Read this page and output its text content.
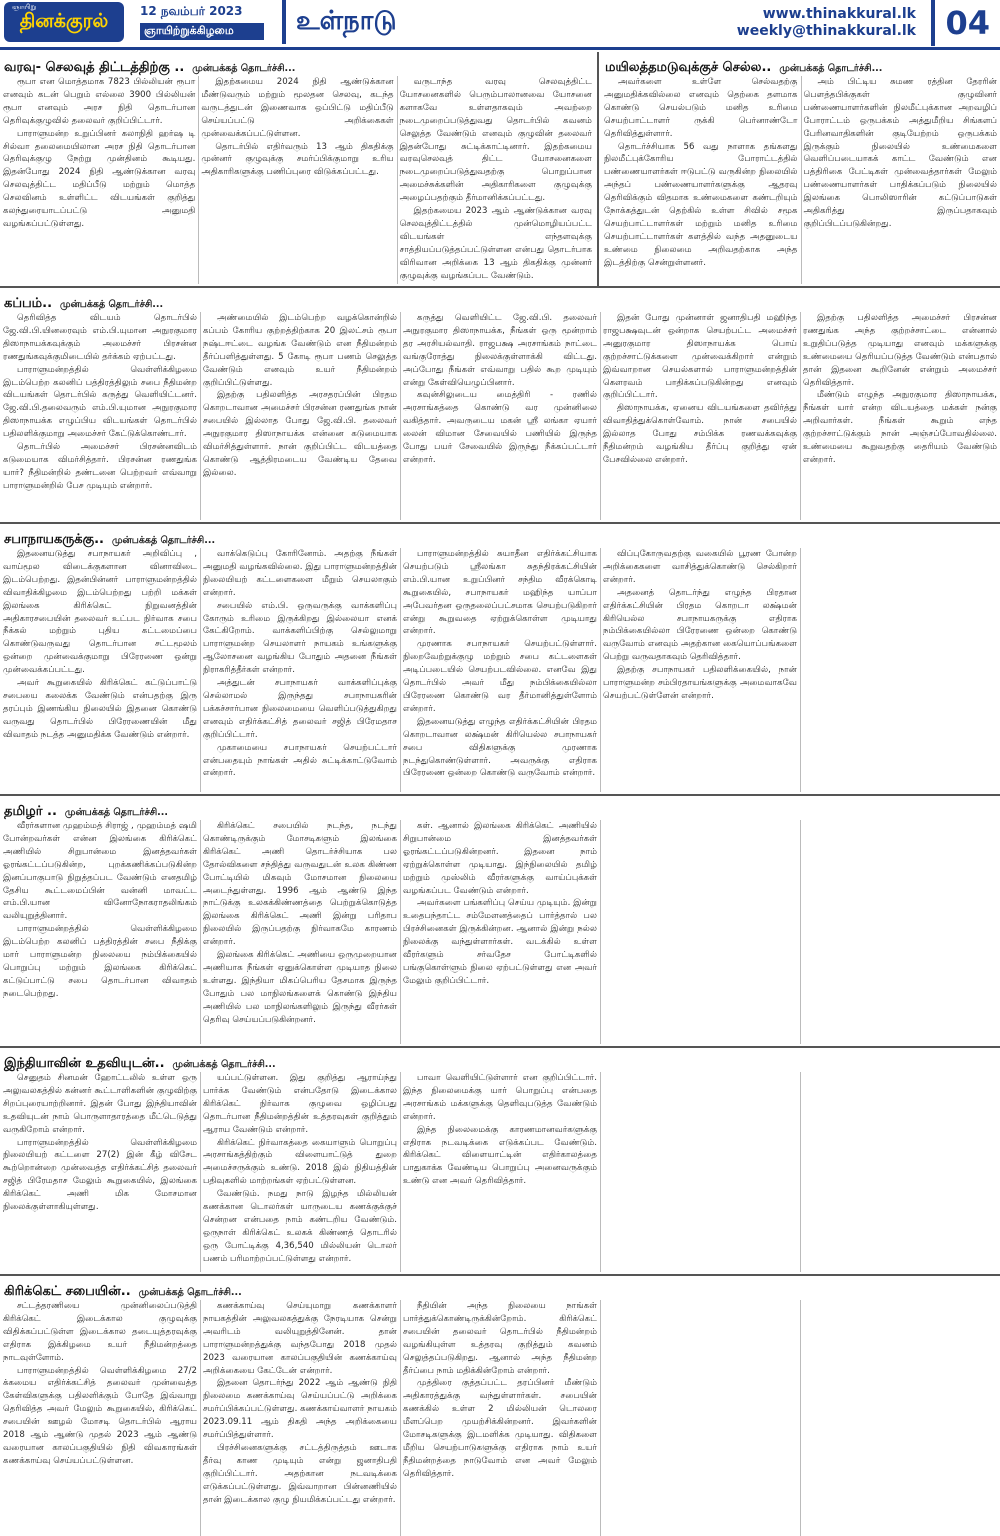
ஞாயிறு
தினக்குரல்	12 நவம்பர் 2023
ஞாயிற்றுக்கிழமை	உள்நாடு	www.thinakkural.lk
weekly@thinakkural.lk 04
வரவு- செலவுத் திட்டத்திற்கு .. முன்பக்கத் தொடர்ச்சி...

ரூபா என மொத்தமாக 7823 பில்லியன் ரூபா எனவும் கடன் பெறும் எல்லை 3900 பில்லியன் ரூபா எனவும் அரச நிதி தொடர்பான தெரிவுக்குழுவில் தலைவர் குறிப்பிட்டார்.

பாராளுமன்ற உறுப்பினர் கலாநிதி ஹர்ஷ டி சில்வா தலைமையிலான அரச நிதி தொடர்பான தெரிவுக்குழு நேற்று முன்தினம் கூடியது. இதன்போது 2024 நிதி ஆண்டுக்கான வரவு செலவுத்திட்ட மதிப்பீடு மற்றும் மொத்த செலவினம் உள்ளிட்ட விடயங்கள் குறித்து கலந்துரையாடப்பட்டு அனுமதி வழங்கப்பட்டுள்ளது.

இதற்கமைய 2024 நிதி ஆண்டுக்கான மீண்டுவரும் மற்றும் மூலதன செலவு, கடந்த வருடத்துடன் இணைவாக ஒப்பிட்டு மதிப்பீடு செய்யப்பட்டு அறிக்கைகள் முன்வைக்கப்பட்டுள்ளன.

தொடர்பில் எதிர்வரும் 13 ஆம் திகதிக்கு முன்னர் குழுவுக்கு சமர்ப்பிக்குமாறு உரிய அதிகாரிகளுக்கு பணிப்புரை விடுக்கப்பட்டது.

வருடாந்த வரவு செலவுத்திட்ட யோசனைகளில் பெரும்பாலானவை யோசனை களாகவே உள்ளதாகவும் அவற்றை நடைமுறைப்படுத்துவது தொடர்பில் கவனம் செலுத்த வேண்டும் எனவும் குழுவின் தலைவர் இதன்போது சுட்டிக்காட்டினார். இதற்கமைய வரவுசெலவுத் திட்ட யோசனைகளை நடைமுறைப்படுத்துவதற்கு பொறுப்பான அமைச்சுக்களின் அதிகாரிகளை குழுவுக்கு அழைப்பதற்கும் தீர்மானிக்கப்பட்டது.

இதற்கமைய 2023 ஆம் ஆண்டுக்கான வரவு செலவுத்திட்டத்தில் முன்மொழியப்பட்ட விடயங்கள் எந்தளவுக்கு சாத்தியப்படுத்தப்பட்டுள்ளன என்பது தொடர்பாக விரிவான அறிக்கை 13 ஆம் திகதிக்கு முன்னர் குழுவுக்கு வழங்கப்பட வேண்டும்.

மயிலத்தமடுவுக்குச் செல்ல.. முன்பக்கத் தொடர்ச்சி...

அவர்களை உள்ளே செல்வதற்கு அனுமதிக்கவில்லை எனவும் தெற்கை தளமாக கொண்டு செயல்படும் மனித உரிமை செயற்பாட்டாளர் ருக்கி பெர்னாண்டோ தெரிவித்துள்ளார்.

தொடர்ச்சியாக 56 வது நாளாக தங்களது நிலமீட்புக்கோரிய போராட்டத்தில் பண்ணையாளர்கள் ஈடுபட்டு வருகின்ற நிலையில் அந்தப் பண்ணையாளர்களுக்கு ஆதரவு தெரிவிக்கும் விதமாக உண்மைகளை கண்டறியும் நோக்கத்துடன் தெற்கில் உள்ள சிவில் சமூக செயற்பாட்டாளர்கள் மற்றும் மனித உரிமை செயற்பாட்டாளர்கள் களத்தில் வந்த அதனுடைய உண்மை நிலைமை அறிவதற்காக அந்த இடத்திற்கு சென்றுள்ளனர்.

அம் பிட்டிய சுமண ரத்தின தேரரின் பௌத்தபிக்குகள் குழுவினர் பண்ணையாளர்களின் நிலமீட்புக்கான அறவழிப் போராட்டம் ஒருபக்கம் அத்துமீறிய சிங்களப் பேரினவாதிகளின் குடியேற்றம் ஒருபக்கம் இருக்கும் நிலையில் உண்மைகளை வெளிப்படையாகக் காட்ட வேண்டும் என பத்திரிகை பேட்டிகள் முன்வைத்தார்கள் மேலும் பண்ணையாளர்கள் பாதிக்கப்படும் நிலையில் இலங்கை பொலிஸாரின் கட்டுப்பாடுகள் அதிகரித்து இருப்பதாகவும் குறிப்பிடப்படுகின்றது.

கப்பம்.. முன்பக்கத் தொடர்ச்சி...

தெரிவித்த விடயம் தொடர்பில் ஜே.வி.பி.யினரைவும் எம்.பி.யுமான அநுரகுமார திஸாநாயக்கவுக்கும் அமைச்சர் பிரசன்ன ரணதுங்கவுக்குமிடையில் தர்க்கம் ஏற்பட்டது.

பாராளுமன்றத்தில் வெள்ளிக்கிழமை இடம்பெற்ற கலனிப் பத்திரத்திலும் சபை நீதிமன்ற விடயங்கள் தொடர்பில் கருத்து வெளியிட்டனர். ஜே.வி.பி.தலைவரும் எம்.பி.யுமான அநுரகுமார திஸாநாயக்க எழுப்பிய விடயங்கள் தொடர்பில் பதிலளிக்குமாறு அமைச்சர் கேட்டுக்கொண்டார்.

தொடர்பில் அமைச்சர் பிரசன்னவிடம் கடுமையாக விமர்சித்தார். பிரசன்ன ரணதுங்க யார்? நீதிமன்றில் தண்டனை பெற்றவர் எவ்வாறு பாராளுமன்றில் பேச முடியும் என்றார்.

அண்மையில் இடம்பெற்ற வழக்கொன்றில் கப்பம் கோரிய குற்றத்திற்காக 20 இலட்சம் ரூபா நஷ்டஈட்டை வழங்க வேண்டும் என நீதிமன்றம் தீர்ப்பளித்துள்ளது. 5 கோடி ரூபா பணம் செலுத்த வேண்டும் எனவும் உயர் நீதிமன்றம் குறிப்பிட்டுள்ளது.

இதற்கு பதிலளித்த அரசதரப்பின் பிரதம கொறடாவான அமைச்சர் பிரசன்ன ரணதுங்க நான் சபையில் இல்லாத போது ஜே.வி.பி. தலைவர் அநுரகுமார திஸாநாயக்க என்னை கடுமையாக விமர்சித்துள்ளார். நான் குறிப்பிட்ட விடயத்தை கொண்டு ஆத்திரமடைய வேண்டிய தேவை இல்லை.

கருத்து வெளியிட்ட ஜே.வி.பி. தலைவர் அநுரகுமார திஸாநாயக்க, நீங்கள் ஒரு மூன்றாம் தர அரசியல்வாதி. ராஜபக்ஷ அரசாங்கம் நாட்டை வங்குரோத்து நிலைக்குள்ளாக்கி விட்டது. அப்போது நீங்கள் எவ்வாறு பதில் கூற முடியும் என்று கேள்வியெழுப்பினார்.

கவுன்சிலுடைய மைத்திரி - ரணில் அரசாங்கத்தை கொண்டு வர முன்னிலை வகித்தார். அவருடைய மகன் ஸ்ரீ லங்கா ஏயார் லைன் விமான சேவையில் பணியில் இருந்த போது பயர் சேவையில் இருந்து நீக்கப்பட்டார் என்றார்.

இதன் போது முன்னாள் ஜனாதிபதி மஹிந்த ராஜபக்ஷவுடன் ஒன்றாக செயற்பட்ட அமைச்சர் அனுரகுமார திஸாநாயக்க பொய் குற்றச்சாட்டுக்களை முன்வைக்கிறார் என்றும் இவ்வாறான செயல்களால் பாராளுமன்றத்தின் கௌரவம் பாதிக்கப்படுகின்றது எனவும் குறிப்பிட்டார்.

திஸாநாயக்க, ஏனைய விடயங்களை தவிர்த்து விவாதித்துக்கொள்வோம். நான் சபையில் இல்லாத போது சம்பிக்க ரணவக்கவுக்கு நீதிமன்றம் வழங்கிய தீர்ப்பு குறித்து ஏன் பேசவில்லை என்றார்.

இதற்கு பதிலளித்த அமைச்சர் பிரசன்ன ரணதுங்க அந்த குற்றச்சாட்டை என்னால் உறுதிப்படுத்த முடியாது எனவும் மக்களுக்கு உண்மையை தெரியப்படுத்த வேண்டும் என்பதால் தான் இதனை கூறினேன் என்றும் அமைச்சர் தெரிவித்தார்.

மீண்டும் எழுந்த அநுரகுமார திஸாநாயக்க, நீங்கள் யார் என்ற விடயத்தை மக்கள் நன்கு அறிவார்கள். நீங்கள் கூறும் எந்த குற்றச்சாட்டுக்கும் நான் அஞ்சப்போவதில்லை. உண்மையை கூறுவதற்கு தைரியம் வேண்டும் என்றார்.

சபாநாயகருக்கு.. முன்பக்கத் தொடர்ச்சி...

இதனையடுத்து சபாநாயகர் அறிவிப்பு , வாய்மூல விடைக்குகளான வினாவிடை இடம்பெற்றது. இதன்பின்னர் பாராளுமன்றத்தில் விவாதிக்கிழமை இடம்பெற்றது பற்றி மக்கள் இலங்கை கிரிக்கெட் நிறுவனத்தின் அதிகாரசபையின் தலைவர் உட்பட நிர்வாக சபை நீக்கல் மற்றும் புதிய கட்டமைப்பை கொண்டுவருவது தொடர்பான சட்டமூலம் ஒன்றை முன்வைக்குமாறு பிரேரணை ஒன்று முன்வைக்கப்பட்டது.

அவர் கூறுகையில் கிரிக்கெட் கட்டுப்பாட்டு சபையை கலைக்க வேண்டும் என்பதற்கு இரு தரப்பும் இணங்கிய நிலையில் இதனை கொண்டு வருவது தொடர்பில் பிரேரணையின் மீது விவாதம் நடத்த அனுமதிக்க வேண்டும் என்றார்.

வாக்கெடுப்பு கோரினோம். அதற்கு நீங்கள் அனுமதி வழங்கவில்லை. இது பாராளுமன்றத்தின் நிலையியற் கட்டளைகளை மீறும் செயலாகும் என்றார்.

சபையில் எம்.பி. ஒருவருக்கு வாக்களிப்பு கோரும் உரிமை இருக்கிறது இல்லையா எனக் கேட்கிறோம். வாக்களிப்பிற்கு செல்லுமாறு பாராளுமன்ற செயலாளர் நாயகம் உங்களுக்கு ஆலோசனை வழங்கிய போதும் அதனை நீங்கள் நிராகரித்தீர்கள் என்றார்.

அத்துடன் சபாநாயகர் வாக்களிப்புக்கு செல்லாமல் இருந்தது சபாநாயகரின் பக்கச்சார்பான நிலைமையை வெளிப்படுத்துகிறது எனவும் எதிர்க்கட்சித் தலைவர் சஜித் பிரேமதாச குறிப்பிட்டார்.

முகாமையை சபாநாயகர் செயற்பட்டார் என்பதையும் நாங்கள் அதில் சுட்டிக்காட்டுவோம் என்றார்.

பாராளுமன்றத்தில் சுயாதீன எதிர்க்கட்சியாக செயற்படும் ஸ்ரீலங்கா சுதந்திரக்கட்சியின் எம்.பி.யான உறுப்பினர் சந்திம வீரக்கொடி கூறுகையில், சபாநாயகர் மஹிந்த யாப்பா அபேவர்தன ஒருதலைப்பட்சமாக செயற்படுகிறார் என்று கூறுவதை ஏற்றுக்கொள்ள முடியாது என்றார்.

முரணாக சபாநாயகர் செயற்பட்டுள்ளார். நிறைவேற்றுக்குழு மற்றும் சபை கட்டளைகள் அடிப்படையில் செயற்படவில்லை. எனவே இது தொடர்பில் அவர் மீது நம்பிக்கையில்லா பிரேரணை கொண்டு வர தீர்மானித்துள்ளோம் என்றார்.

இதனையடுத்து எழுந்த எதிர்க்கட்சியின் பிரதம கொறடாவான லக்ஷ்மன் கிரியெல்ல சபாநாயகர் சபை விதிகளுக்கு முரணாக நடந்துகொண்டுள்ளார். அவருக்கு எதிராக பிரேரணை ஒன்றை கொண்டு வருவோம் என்றார்.

விப்புகோருவதற்கு வகையில் பூரண போன்ற அறிக்கைகளை வாசித்துக்கொண்டு செல்கிறார் என்றார்.

அதனைத் தொடர்ந்து எழுந்த பிரதான எதிர்க்கட்சியின் பிரதம கொறடா லக்ஷ்மன் கிரியெல்ல சபாநாயகருக்கு எதிராக நம்பிக்கையில்லா பிரேரணை ஒன்றை கொண்டு வருவோம் எனவும் அதற்கான கையொப்பங்களை பெற்று வருவதாகவும் தெரிவித்தார்.

இதற்கு சபாநாயகர் பதிலளிக்கையில், நான் பாராளுமன்ற சம்பிரதாயங்களுக்கு அமைவாகவே செயற்பட்டுள்ளேன் என்றார்.

தமிழர் .. முன்பக்கத் தொடர்ச்சி...

வீரர்களான முஹம்மத் சிராஜ் , முஹம்மத் ஷமி போன்றவர்கள் என்ன இலங்கை கிரிக்கெட் அணியில் சிறுபான்மை இனத்தவர்கள் ஓரங்கட்டப்படுகின்ற, புறக்கணிக்கப்படுகின்ற இனப்பாகுபாடு நிறுத்தப்பட வேண்டும் எனதமிழ் தேசிய கூட்டமைப்பின் வன்னி மாவட்ட எம்.பி.யான வினோநோகராதலிங்கம் வலியுறுத்தினார்.

பாராளுமன்றத்தில் வெள்ளிக்கிழமை இடம்பெற்ற கலனிப் பத்திரத்தின் சபை நீதிக்கு மார் பாராளுமன்ற நிலையை நம்பிக்கையில் பொறுப்பு மற்றும் இலங்கை கிரிக்கெட் கட்டுப்பாட்டு சபை தொடர்பான விவாதம் நடைபெற்றது.

கிரிக்கெட் சபையில் நடந்த, நடந்து கொண்டிருக்கும் மோசடிகளும் இலங்கை கிரிக்கெட் அணி தொடர்ச்சியாக பல தோல்விகளை சந்தித்து வருவதுடன் உலக கிண்ண போட்டியில் மிகவும் மோசமான நிலையை அடைந்துள்ளது. 1996 ஆம் ஆண்டு இந்த நாட்டுக்கு உலகக்கிண்ணத்தை பெற்றுக்கொடுத்த இலங்கை கிரிக்கெட் அணி இன்று பரிதாப நிலையில் இருப்பதற்கு நிர்வாகமே காரணம் என்றார்.

இலங்கை கிரிக்கெட் அணியை ஒருமுறையான அணியாக நீங்கள் ஏனுக்கொள்ள முடியாத நிலை உள்ளது. இந்தியா மிகப்பெரிய தேசமாக இருந்த போதும் பல மாநிலங்களைக் கொண்டு இந்திய அணியில் பல மாநிலங்களிலும் இருந்து வீரர்கள் தெரிவு செய்யப்படுகின்றனர்.

கள். ஆனால் இலங்கை கிரிக்கெட் அணியில் சிறுபான்மை இனத்தவர்கள் ஓரங்கட்டப்படுகின்றனர். இதனை நாம் ஏற்றுக்கொள்ள முடியாது. இந்நிலையில் தமிழ் மற்றும் முஸ்லிம் வீரர்களுக்கு வாய்ப்புக்கள் வழங்கப்பட வேண்டும் என்றார்.

அவர்களை பங்களிப்பு செய்ய முடியும். இன்று உதைபந்தாட்ட சம்மேளனத்தைப் பார்த்தால் பல பிரச்சினைகள் இருக்கின்றன. ஆனால் இன்று நல்ல நிலைக்கு வந்துள்ளார்கள். வடக்கில் உள்ள வீரர்களும் சர்வதேச போட்டிகளில் பங்குகொள்ளும் நிலை ஏற்பட்டுள்ளது என அவர் மேலும் குறிப்பிட்டார்.

இந்தியாவின் உதவியுடன்.. முன்பக்கத் தொடர்ச்சி...

செனுதம் சினமன் ஹோட்டலில் உள்ள ஒரு அலுவலகத்தில் கன்னர் கூட்டாளிகளின் குழுவிற்கு சிறப்புரையாற்றினார். இதன் போது இந்தியாவின் உதவியுடன் நாம் பொருளாதாரத்தை மீட்டெடுத்து வருகிறோம் என்றார்.

பாராளுமன்றத்தில் வெள்ளிக்கிழமை நிலையியற் கட்டளை 27(2) இன் கீழ் விசேட கூற்றொன்றை முன்வைத்த எதிர்க்கட்சித் தலைவர் சஜித் பிரேமதாச மேலும் கூறுகையில், இலங்கை கிரிக்கெட் அணி மிக மோசமான நிலைக்குள்ளாகியுள்ளது.

யப்பட்டுள்ளன. இது குறித்து ஆராய்ந்து பார்க்க வேண்டும் என்பதோடு இடைக்கால கிரிக்கெட் நிர்வாக குழுவை ஒழிப்பது தொடர்பான நீதிமன்றத்தின் உத்தரவுகள் குறித்தும் ஆராய வேண்டும் என்றார்.

கிரிக்கெட் நிர்வாகத்தை கையாளும் பொறுப்பு அரசாங்கத்திற்கும் விளையாட்டுத் துறை அமைச்சருக்கும் உண்டு. 2018 இல் நிதியத்தின் பதிவுகளில் மாற்றங்கள் ஏற்பட்டுள்ளன.

வேண்டும். நமது நாடு இழந்த மில்லியன் கணக்கான டொலர்கள் யாருடைய கணக்குக்குச் சென்றன என்பதை நாம் கண்டறிய வேண்டும். ஒருநாள் கிரிக்கெட் உலகக் கிண்ணத் தொடரில் ஒரு போட்டிக்கு 4,36,540 மில்லியன் டொலர் பணம் பரிமாற்றப்பட்டுள்ளது என்றார்.

பாவா வெளியிட்டுள்ளார் என குறிப்பிட்டார். இந்த நிலைமைக்கு யார் பொறுப்பு என்பதை அரசாங்கம் மக்களுக்கு தெளிவுபடுத்த வேண்டும் என்றார்.

இந்த நிலைமைக்கு காரணமானவர்களுக்கு எதிராக நடவடிக்கை எடுக்கப்பட வேண்டும். கிரிக்கெட் விளையாட்டின் எதிர்காலத்தை பாதுகாக்க வேண்டிய பொறுப்பு அனைவருக்கும் உண்டு என அவர் தெரிவித்தார்.

கிரிக்கெட் சபையின்.. முன்பக்கத் தொடர்ச்சி...

சட்டத்தரணியை முன்னிலைப்படுத்தி கிரிக்கெட் இடைக்கால குழுவுக்கு விதிக்கப்பட்டுள்ள இடைக்கால தடையுத்தரவுக்கு எதிராக இக்கிழமை உயர் நீதிமன்றத்தை நாடவுள்ளோம்.

பாராளுமன்றத்தில் வெள்ளிக்கிழமை 27/2 க்கமைய எதிர்க்கட்சித் தலைவர் முன்வைத்த கேள்விகளுக்கு பதிலளிக்கும் போதே இவ்வாறு தெரிவித்த அவர் மேலும் கூறுகையில், கிரிக்கெட் சபையின் ஊழல் மோசடி தொடர்பில் ஆராய 2018 ஆம் ஆண்டு முதல் 2023 ஆம் ஆண்டு வரையான காலப்பகுதியில் நிதி விவகாரங்கள் கணக்காய்வு செய்யப்பட்டுள்ளன.

கணக்காய்வு செய்யுமாறு கணக்காளர் நாயகத்தின் அலுவலகத்துக்கு நேரடியாக சென்று அவரிடம் வலியுறுத்தினேன். தான் பாராளுமன்றத்துக்கு வந்தபோது 2018 முதல் 2023 வரையான காலப்பகுதியின் கணக்காய்வு அறிக்கையை கேட்டேன் என்றார்.

இதனை தொடர்ந்து 2022 ஆம் ஆண்டு நிதி நிலைமை கணக்காய்வு செய்யப்பட்டு அறிக்கை சமர்ப்பிக்கப்பட்டுள்ளது. கணக்காய்வாளர் நாயகம் 2023.09.11 ஆம் திகதி அந்த அறிக்கையை சமர்ப்பித்துள்ளார்.

பிரச்சினைகளுக்கு சட்டத்திருத்தம் ஊடாக தீர்வு காண முடியும் என்று ஜனாதிபதி குறிப்பிட்டார். அதற்கான நடவடிக்கை எடுக்கப்பட்டுள்ளது. இவ்வாறான பின்னணியில் தான் இடைக்கால குழு நியமிக்கப்பட்டது என்றார்.

நீதியின் அந்த நிலையை நாங்கள் பார்த்துக்கொண்டிருக்கின்றோம். கிரிக்கெட் சபையின் தலைவர் தொடர்பில் நீதிமன்றம் வழங்கியுள்ள உத்தரவு குறித்தும் கவனம் செலுத்தப்படுகிறது. ஆனால் அந்த நீதிமன்ற தீர்ப்பை நாம் மதிக்கின்றோம் என்றார்.

முத்திரை குத்தப்பட்ட தரப்பினர் மீண்டும் அதிகாரத்துக்கு வந்துள்ளார்கள். சபையின் கணக்கில் உள்ள 2 மில்லியன் டொலரை மீளப்பெற முயற்சிக்கின்றனர். இவர்களின் மோசடிகளுக்கு இடமளிக்க முடியாது. விதிகளை மீறிய செயற்பாடுகளுக்கு எதிராக நாம் உயர் நீதிமன்றத்தை நாடுவோம் என அவர் மேலும் தெரிவித்தார்.
